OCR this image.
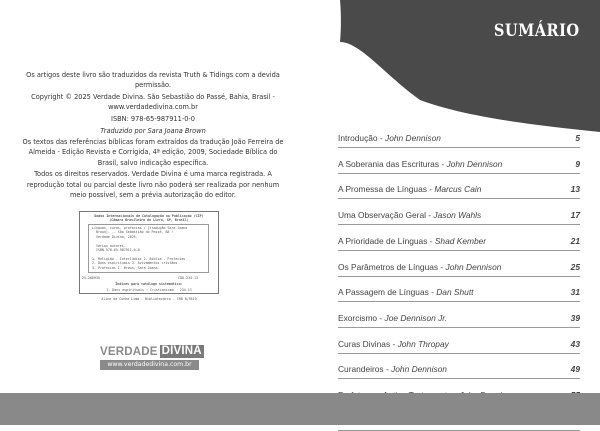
SUMÁRIO

Os artigos deste livro são traduzidos da revista Truth & Tidings com a devida permissão.

Copyright © 2025 Verdade Divina. São Sebastião do Passé, Bahia, Brasil - www.verdadedivina.com.br

ISBN: 978-65-987911-0-0

Traduzido por Sara Joana Brown

Os textos das referências bíblicas foram extraídos da tradução João Ferreira de Almeida - Edição Revista e Corrigida, 4ª edição, 2009, Sociedade Bíblica do Brasil, salvo indicação específica.

Todos os direitos reservados. Verdade Divina é uma marca registrada. A reprodução total ou parcial deste livro não poderá ser realizada por nenhum meio possível, sem a prévia autorização do editor.

Dados Internacionais de Catalogação na Publicação (CIP)
(Câmara Brasileira do Livro, SP, Brasil)
Línguas, curas, profecias / [tradução Sara Joana
Brown]. -- São Sebastião do Passé, BA :
Verdade Divina, 2025.

Vários autores.
ISBN 978-65-987911-0-0

1. Religião - Interlúdios 2. Bíblia - Profecias
2. Dons espirituais 3. Avivamentos cristãos
3. Profecias I. Brown, Sara Joana.
25-260935	CDD-234.13
Índices para catálogo sistemático:
1. Dons espirituais : Cristianismo   234.13

Aline da Cunha Lima - Bibliotecária - CRB 8/9519
VERDADE DIVINA
www.verdadedivina.com.br
Introdução - John Dennison	5
A Soberania das Escrituras - John Dennison	9
A Promessa de Línguas - Marcus Cain	13
Uma Observação Geral - Jason Wahls	17
A Prioridade de Línguas - Shad Kember	21
Os Parâmetros de Línguas - John Dennison	25
A Passagem de Línguas - Dan Shutt	31
Exorcismo - Joe Dennison Jr.	39
Curas Divinas - John Thropay	43
Curandeiros - John Dennison	49
